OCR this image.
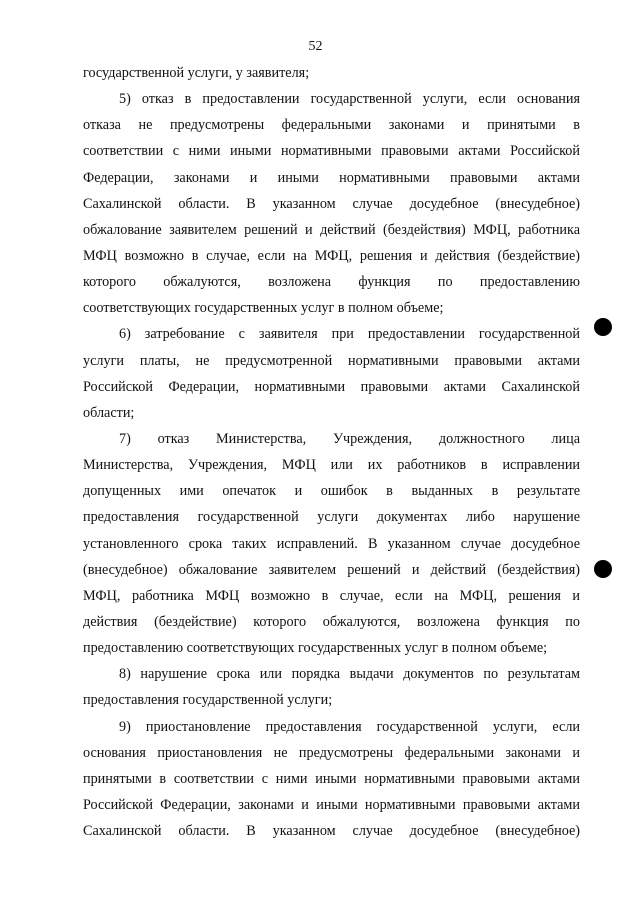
52
государственной услуги, у заявителя;
5) отказ в предоставлении государственной услуги, если основания
отказа не предусмотрены федеральными законами и принятыми в
соответствии с ними иными нормативными правовыми актами Российской
Федерации, законами и иными нормативными правовыми актами
Сахалинской области. В указанном случае досудебное (внесудебное)
обжалование заявителем решений и действий (бездействия) МФЦ, работника
МФЦ возможно в случае, если на МФЦ, решения и действия (бездействие)
которого обжалуются, возложена функция по предоставлению
соответствующих государственных услуг в полном объеме;
6) затребование с заявителя при предоставлении государственной
услуги платы, не предусмотренной нормативными правовыми актами
Российской Федерации, нормативными правовыми актами Сахалинской
области;
7) отказ Министерства, Учреждения, должностного лица
Министерства, Учреждения, МФЦ или их работников в исправлении
допущенных ими опечаток и ошибок в выданных в результате
предоставления государственной услуги документах либо нарушение
установленного срока таких исправлений. В указанном случае досудебное
(внесудебное) обжалование заявителем решений и действий (бездействия)
МФЦ, работника МФЦ возможно в случае, если на МФЦ, решения и
действия (бездействие) которого обжалуются, возложена функция по
предоставлению соответствующих государственных услуг в полном объеме;
8) нарушение срока или порядка выдачи документов по результатам
предоставления государственной услуги;
9) приостановление предоставления государственной услуги, если
основания приостановления не предусмотрены федеральными законами и
принятыми в соответствии с ними иными нормативными правовыми актами
Российской Федерации, законами и иными нормативными правовыми актами
Сахалинской области. В указанном случае досудебное (внесудебное)
